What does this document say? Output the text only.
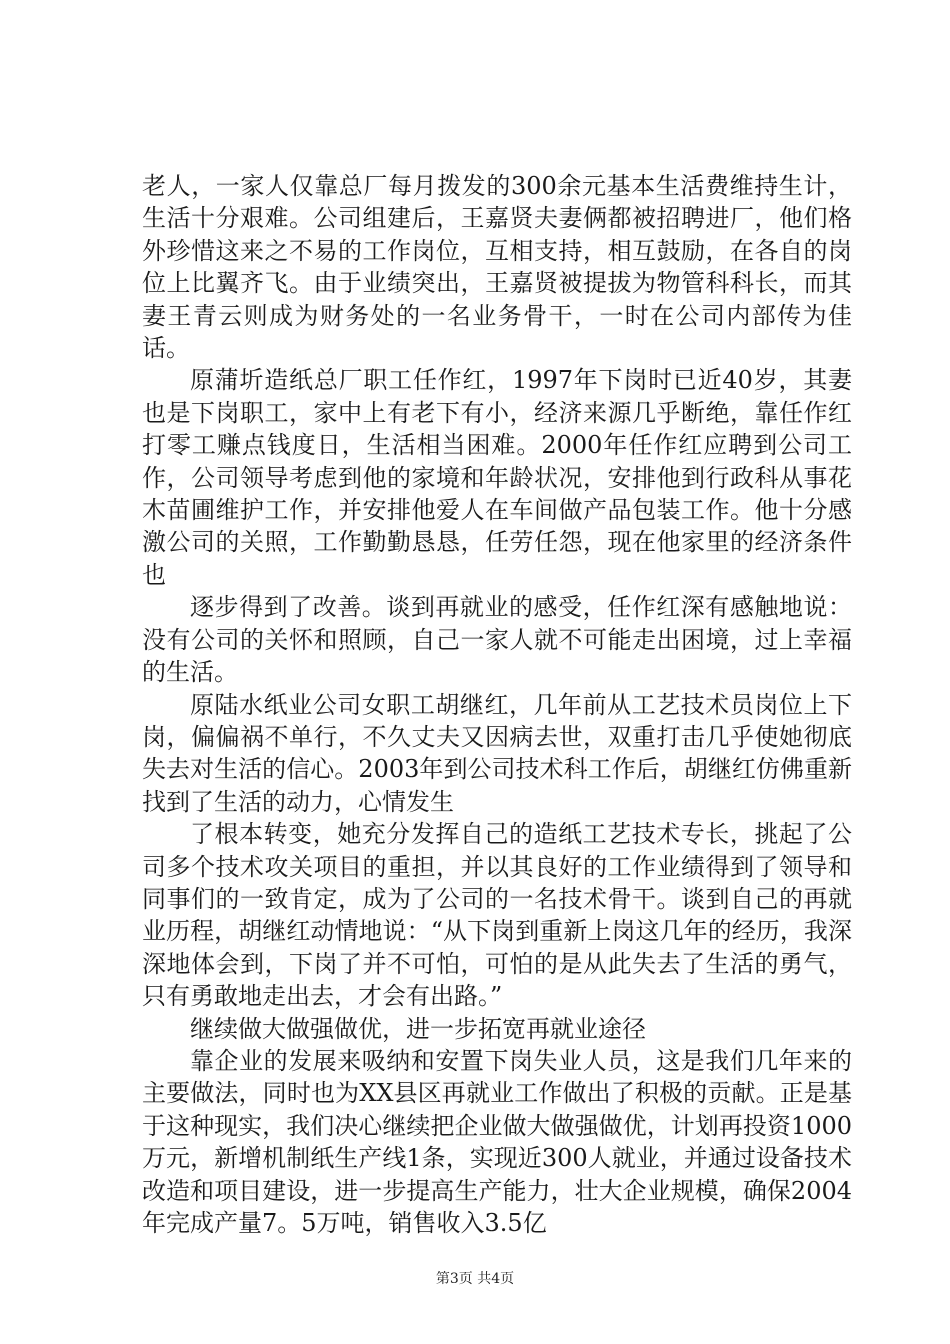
老人，一家人仅靠总厂每月拨发的300余元基本生活费维持生计，生活十分艰难。公司组建后，王嘉贤夫妻俩都被招聘进厂，他们格外珍惜这来之不易的工作岗位，互相支持，相互鼓励，在各自的岗位上比翼齐飞。由于业绩突出，王嘉贤被提拔为物管科科长，而其妻王青云则成为财务处的一名业务骨干，一时在公司内部传为佳话。

原蒲圻造纸总厂职工任作红，1997年下岗时已近40岁，其妻也是下岗职工，家中上有老下有小，经济来源几乎断绝，靠任作红打零工赚点钱度日，生活相当困难。2000年任作红应聘到公司工作，公司领导考虑到他的家境和年龄状况，安排他到行政科从事花木苗圃维护工作，并安排他爱人在车间做产品包装工作。他十分感激公司的关照，工作勤勤恳恳，任劳任怨，现在他家里的经济条件也

逐步得到了改善。谈到再就业的感受，任作红深有感触地说：没有公司的关怀和照顾，自己一家人就不可能走出困境，过上幸福的生活。

原陆水纸业公司女职工胡继红，几年前从工艺技术员岗位上下岗，偏偏祸不单行，不久丈夫又因病去世，双重打击几乎使她彻底失去对生活的信心。2003年到公司技术科工作后，胡继红仿佛重新找到了生活的动力，心情发生

了根本转变，她充分发挥自己的造纸工艺技术专长，挑起了公司多个技术攻关项目的重担，并以其良好的工作业绩得到了领导和同事们的一致肯定，成为了公司的一名技术骨干。谈到自己的再就业历程，胡继红动情地说：“从下岗到重新上岗这几年的经历，我深深地体会到，下岗了并不可怕，可怕的是从此失去了生活的勇气，只有勇敢地走出去，才会有出路。”

继续做大做强做优，进一步拓宽再就业途径

靠企业的发展来吸纳和安置下岗失业人员，这是我们几年来的主要做法，同时也为XX县区再就业工作做出了积极的贡献。正是基于这种现实，我们决心继续把企业做大做强做优，计划再投资1000万元，新增机制纸生产线1条，实现近300人就业，并通过设备技术改造和项目建设，进一步提高生产能力，壮大企业规模，确保2004年完成产量7。5万吨，销售收入3.5亿

第3页 共4页
